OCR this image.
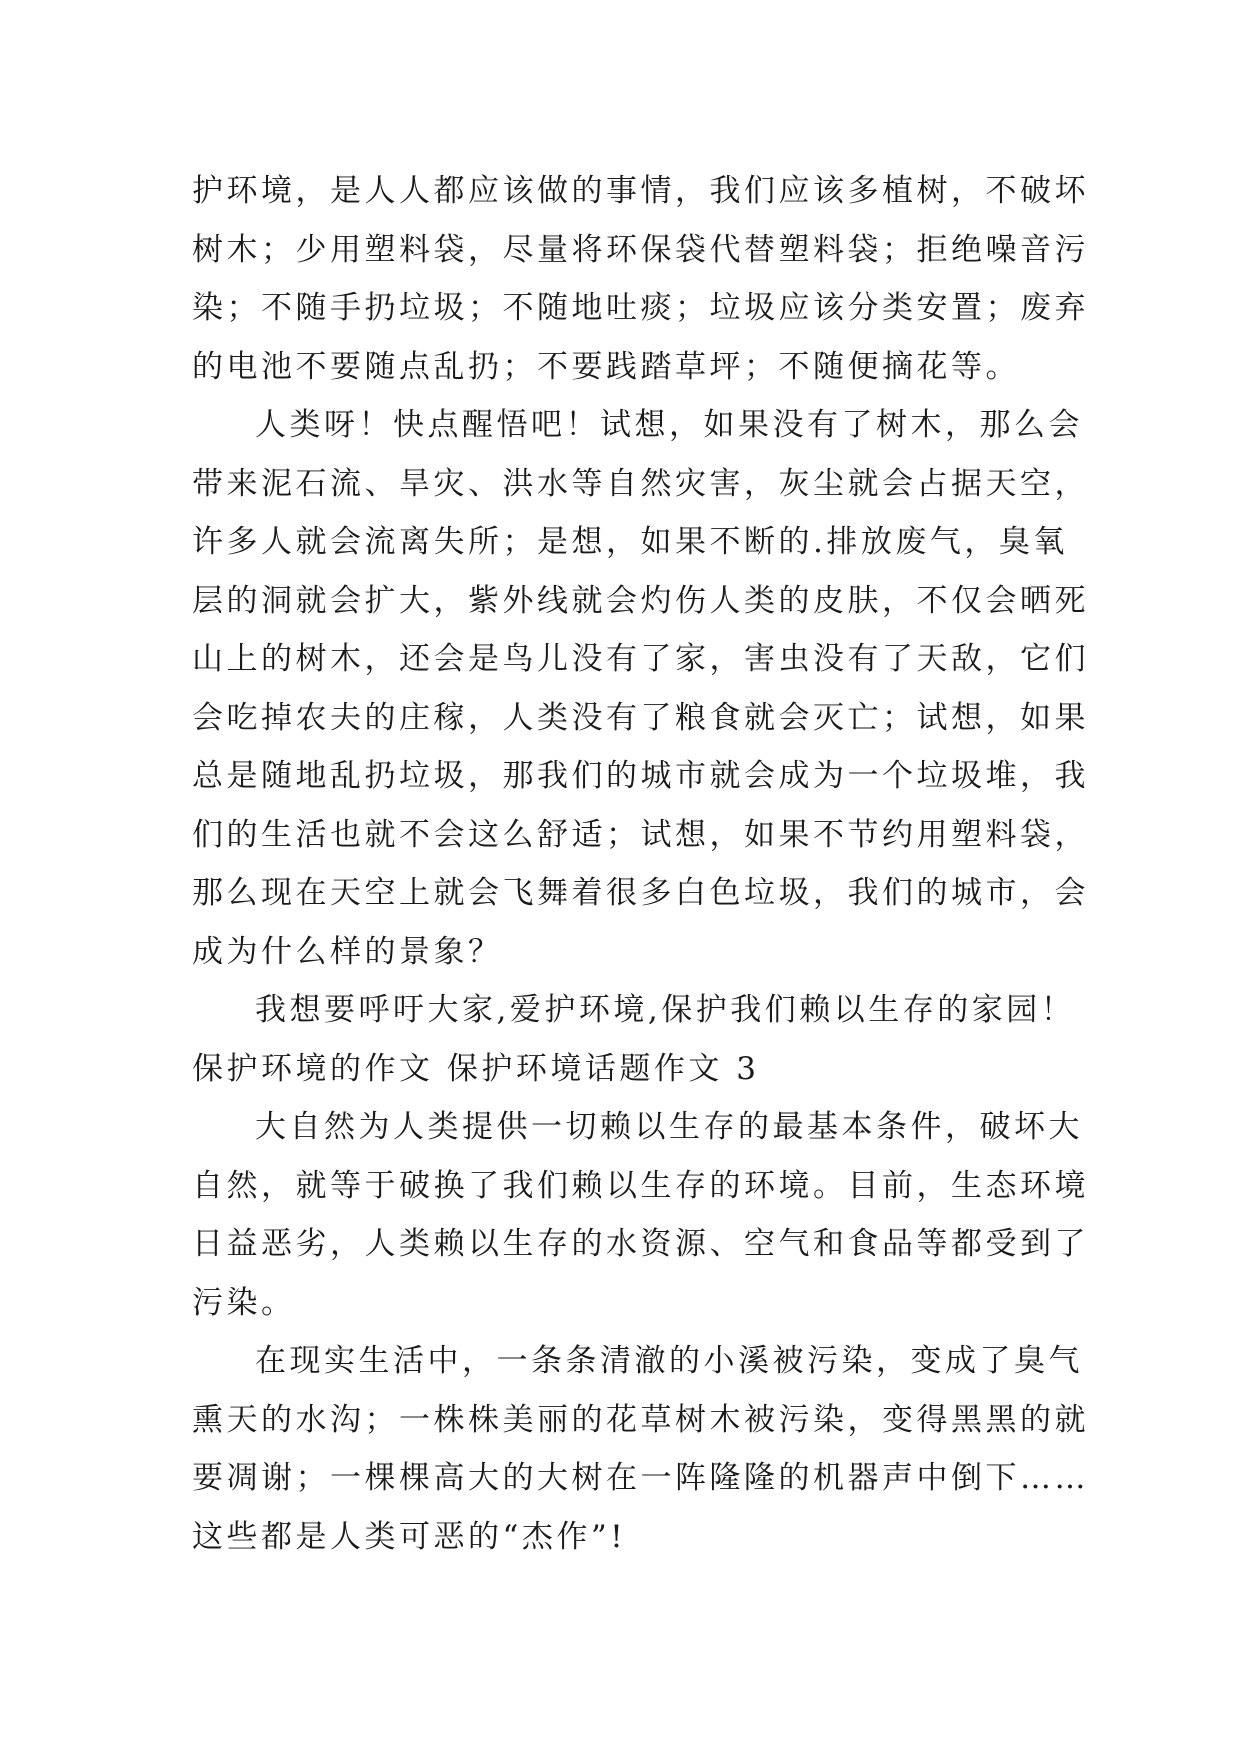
护环境，是人人都应该做的事情，我们应该多植树，不破坏
树木；少用塑料袋，尽量将环保袋代替塑料袋；拒绝噪音污
染；不随手扔垃圾；不随地吐痰；垃圾应该分类安置；废弃
的电池不要随点乱扔；不要践踏草坪；不随便摘花等。
人类呀！快点醒悟吧！试想，如果没有了树木，那么会
带来泥石流、旱灾、洪水等自然灾害，灰尘就会占据天空，
许多人就会流离失所；是想，如果不断的.排放废气，臭氧
层的洞就会扩大，紫外线就会灼伤人类的皮肤，不仅会晒死
山上的树木，还会是鸟儿没有了家，害虫没有了天敌，它们
会吃掉农夫的庄稼，人类没有了粮食就会灭亡；试想，如果
总是随地乱扔垃圾，那我们的城市就会成为一个垃圾堆，我
们的生活也就不会这么舒适；试想，如果不节约用塑料袋，
那么现在天空上就会飞舞着很多白色垃圾，我们的城市，会
成为什么样的景象？
我想要呼吁大家,爱护环境,保护我们赖以生存的家园！
保护环境的作文 保护环境话题作文 3
大自然为人类提供一切赖以生存的最基本条件，破坏大
自然，就等于破换了我们赖以生存的环境。目前，生态环境
日益恶劣，人类赖以生存的水资源、空气和食品等都受到了
污染。
在现实生活中，一条条清澈的小溪被污染，变成了臭气
熏天的水沟；一株株美丽的花草树木被污染，变得黑黑的就
要凋谢；一棵棵高大的大树在一阵隆隆的机器声中倒下……
这些都是人类可恶的“杰作”!
